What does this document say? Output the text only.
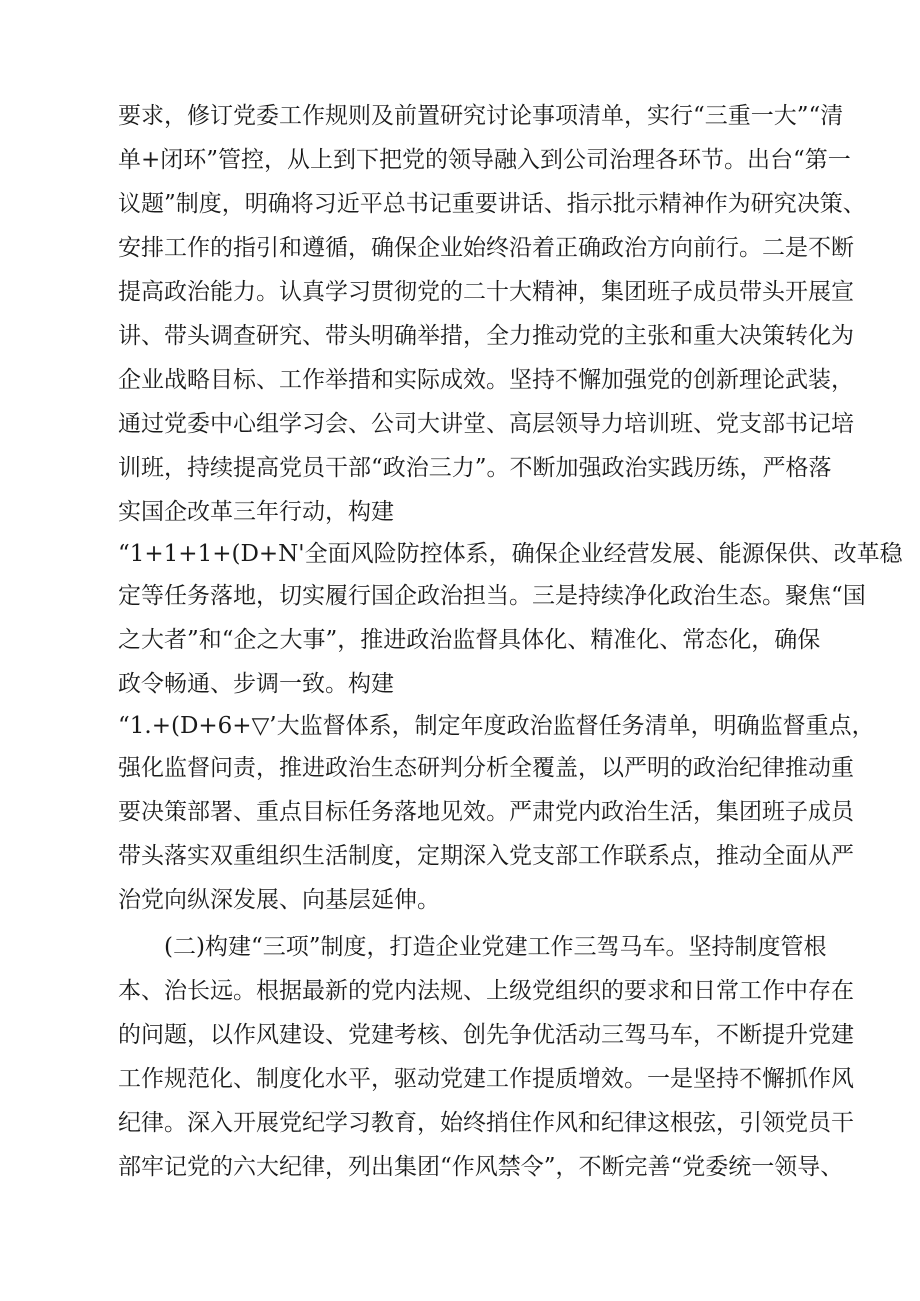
要求，修订党委工作规则及前置研究讨论事项清单，实行“三重一大”“清
单+闭环”管控，从上到下把党的领导融入到公司治理各环节。出台“第一
议题”制度，明确将习近平总书记重要讲话、指示批示精神作为研究决策、
安排工作的指引和遵循，确保企业始终沿着正确政治方向前行。二是不断
提高政治能力。认真学习贯彻党的二十大精神，集团班子成员带头开展宣
讲、带头调查研究、带头明确举措，全力推动党的主张和重大决策转化为
企业战略目标、工作举措和实际成效。坚持不懈加强党的创新理论武装，
通过党委中心组学习会、公司大讲堂、高层领导力培训班、党支部书记培
训班，持续提高党员干部“政治三力”。不断加强政治实践历练，严格落
实国企改革三年行动，构建
“1+1+1+(D+N'全面风险防控体系，确保企业经营发展、能源保供、改革稳
定等任务落地，切实履行国企政治担当。三是持续净化政治生态。聚焦“国
之大者”和“企之大事”，推进政治监督具体化、精准化、常态化，确保
政令畅通、步调一致。构建
“1.+(D+6+▽’大监督体系，制定年度政治监督任务清单，明确监督重点，
强化监督问责，推进政治生态研判分析全覆盖，以严明的政治纪律推动重
要决策部署、重点目标任务落地见效。严肃党内政治生活，集团班子成员
带头落实双重组织生活制度，定期深入党支部工作联系点，推动全面从严
治党向纵深发展、向基层延伸。
(二)构建“三项”制度，打造企业党建工作三驾马车。坚持制度管根
本、治长远。根据最新的党内法规、上级党组织的要求和日常工作中存在
的问题，以作风建设、党建考核、创先争优活动三驾马车，不断提升党建
工作规范化、制度化水平，驱动党建工作提质增效。一是坚持不懈抓作风
纪律。深入开展党纪学习教育，始终捎住作风和纪律这根弦，引领党员干
部牢记党的六大纪律，列出集团“作风禁令”，不断完善“党委统一领导、
